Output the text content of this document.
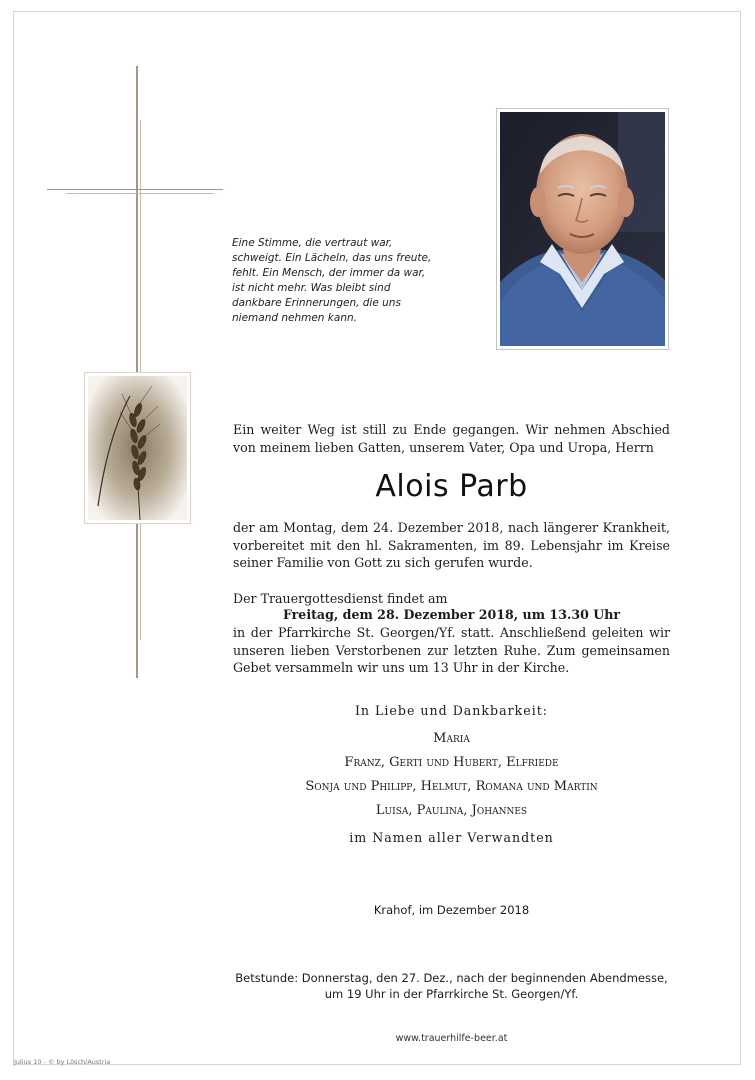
Eine Stimme, die vertraut war, schweigt. Ein Lächeln, das uns freute, fehlt. Ein Mensch, der immer da war, ist nicht mehr. Was bleibt sind dankbare Erinnerungen, die uns niemand nehmen kann.
Ein weiter Weg ist still zu Ende gegangen. Wir nehmen Abschied von meinem lieben Gatten, unserem Vater, Opa und Uropa, Herrn
Alois Parb
der am Montag, dem 24. Dezember 2018, nach längerer Krankheit, vorbereitet mit den hl. Sakramenten, im 89. Lebensjahr im Kreise seiner Familie von Gott zu sich gerufen wurde.
Der Trauergottesdienst findet am
Freitag, dem 28. Dezember 2018, um 13.30 Uhr
in der Pfarrkirche St. Georgen/Yf. statt. Anschließend geleiten wir unseren lieben Verstorbenen zur letzten Ruhe. Zum gemeinsamen Gebet versammeln wir uns um 13 Uhr in der Kirche.
In Liebe und Dankbarkeit:
Maria
Franz, Gerti und Hubert, Elfriede
Sonja und Philipp, Helmut, Romana und Martin
Luisa, Paulina, Johannes
im Namen aller Verwandten
Krahof, im Dezember 2018
Betstunde: Donnerstag, den 27. Dez., nach der beginnenden Abendmesse, um 19 Uhr in der Pfarrkirche St. Georgen/Yf.
www.trauerhilfe-beer.at
Julius 10 - © by Lösch/Austria
